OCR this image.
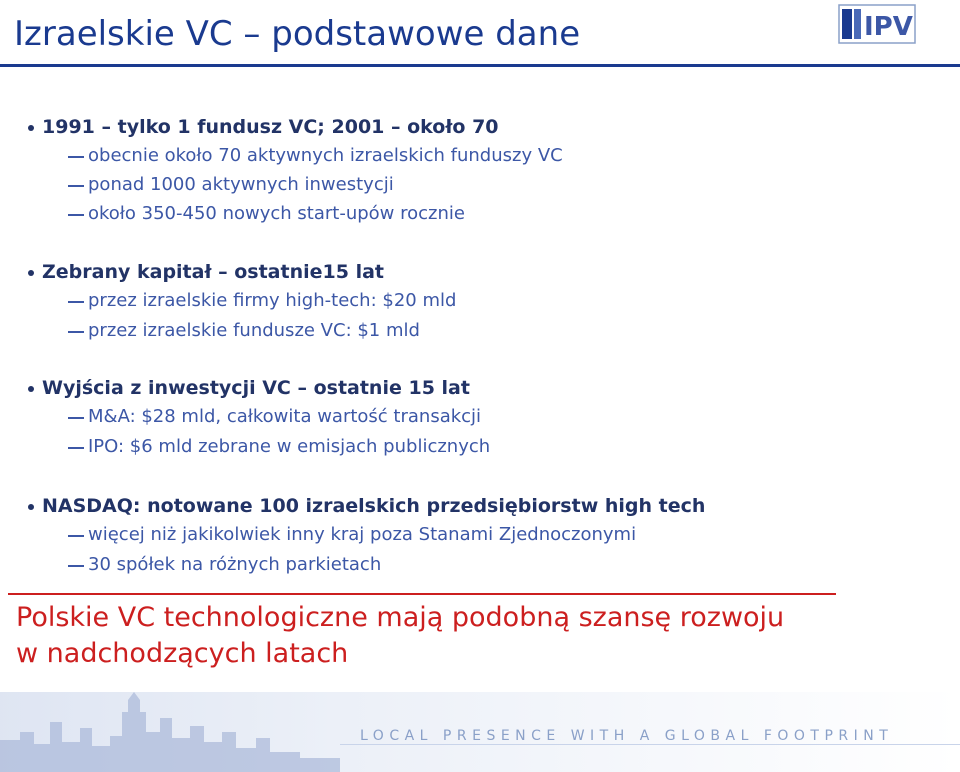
Izraelskie VC – podstawowe dane	IPV
1991 – tylko 1 fundusz VC; 2001 – około 70
obecnie około 70 aktywnych izraelskich funduszy VC
ponad 1000 aktywnych inwestycji
około 350-450 nowych start-upów rocznie
Zebrany kapitał – ostatnie15 lat
przez izraelskie firmy high-tech: $20 mld
przez izraelskie fundusze VC: $1 mld
Wyjścia z inwestycji VC – ostatnie 15 lat
M&A: $28 mld, całkowita wartość transakcji
IPO: $6 mld zebrane w emisjach publicznych
NASDAQ: notowane 100 izraelskich przedsiębiorstw high tech
więcej niż jakikolwiek inny kraj poza Stanami Zjednoczonymi
30 spółek na różnych parkietach
Polskie VC technologiczne mają podobną szansę rozwoju
w nadchodzących latach
LOCAL PRESENCE WITH A GLOBAL FOOTPRINT
